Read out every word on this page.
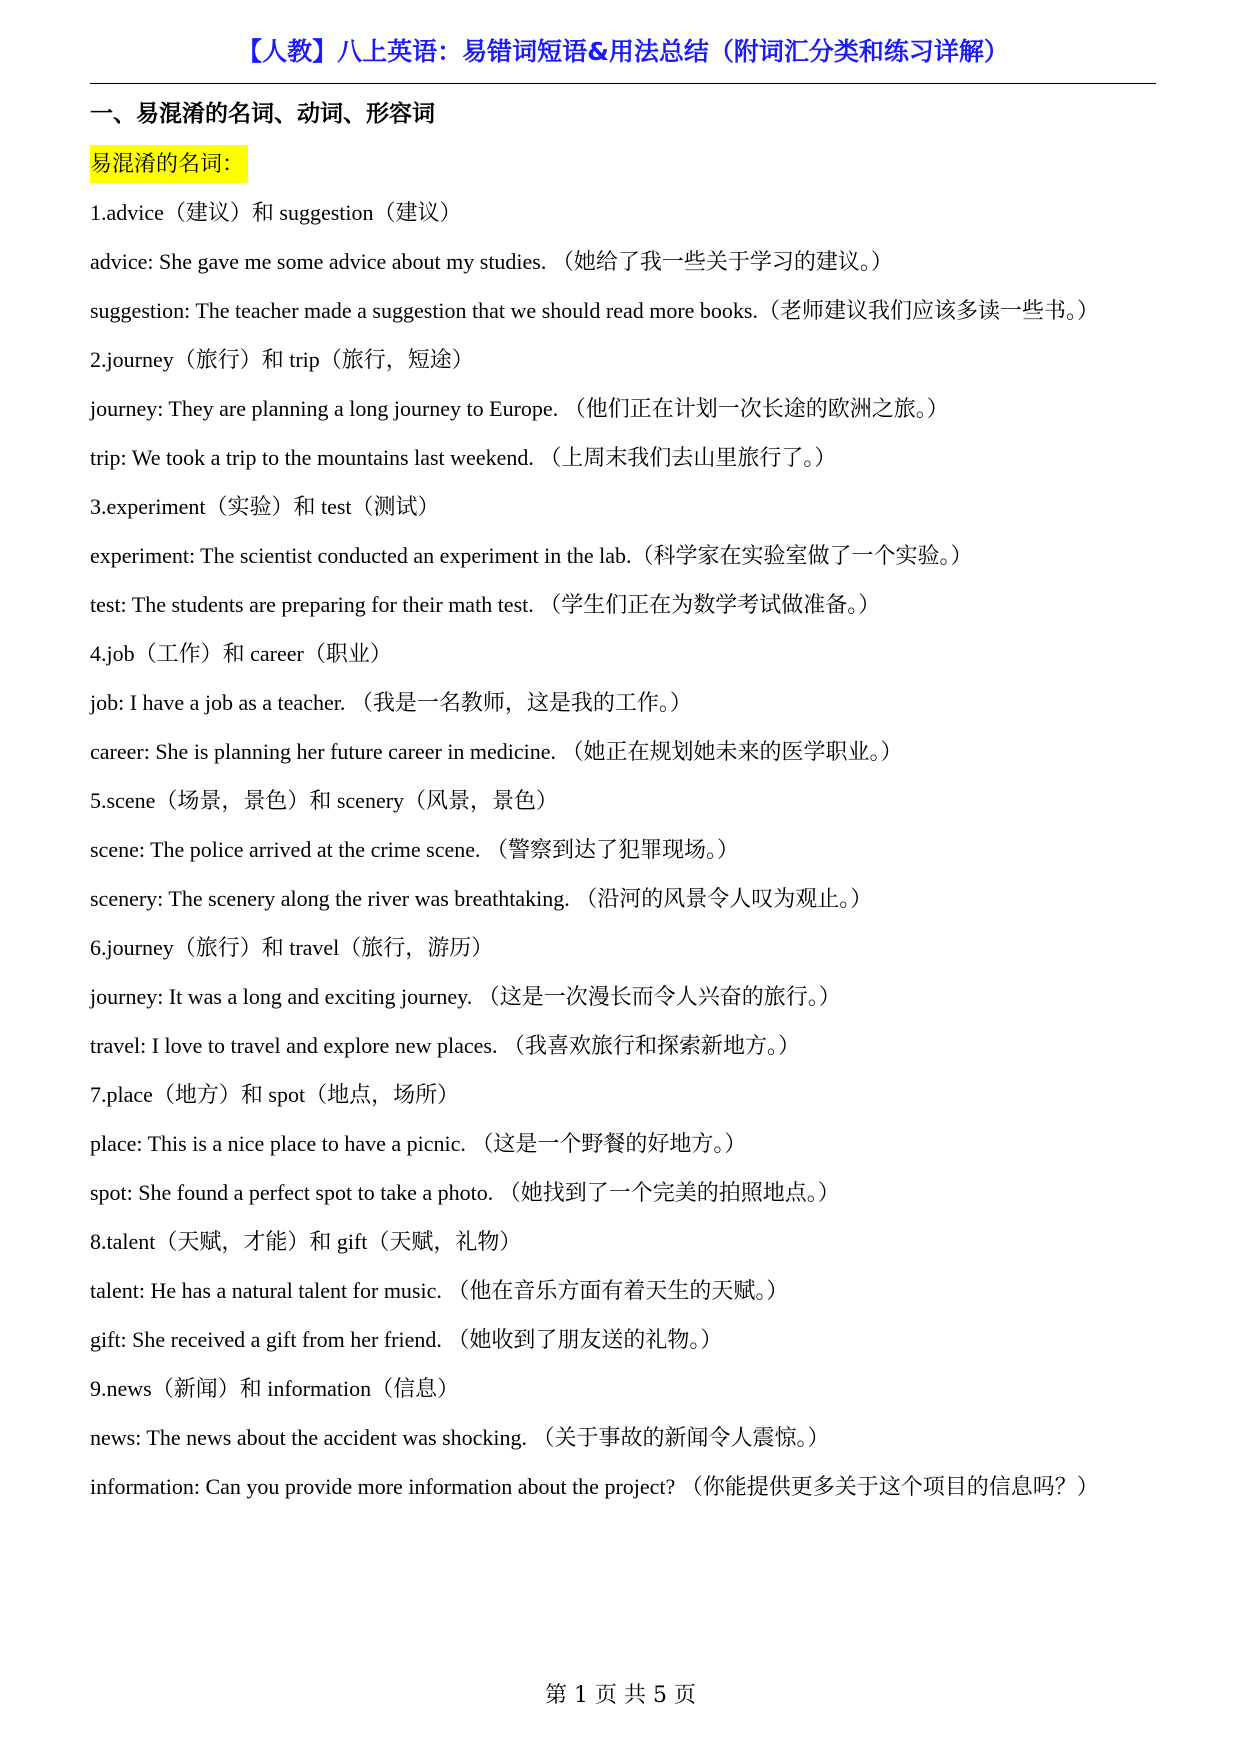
【人教】八上英语：易错词短语&用法总结（附词汇分类和练习详解）
一、易混淆的名词、动词、形容词
易混淆的名词：
1.advice（建议）和 suggestion（建议）
advice: She gave me some advice about my studies. （她给了我一些关于学习的建议。）
suggestion: The teacher made a suggestion that we should read more books.（老师建议我们应该多读一些书。）
2.journey（旅行）和 trip（旅行，短途）
journey: They are planning a long journey to Europe. （他们正在计划一次长途的欧洲之旅。）
trip: We took a trip to the mountains last weekend. （上周末我们去山里旅行了。）
3.experiment（实验）和 test（测试）
experiment: The scientist conducted an experiment in the lab.（科学家在实验室做了一个实验。）
test: The students are preparing for their math test. （学生们正在为数学考试做准备。）
4.job（工作）和 career（职业）
job: I have a job as a teacher. （我是一名教师，这是我的工作。）
career: She is planning her future career in medicine. （她正在规划她未来的医学职业。）
5.scene（场景，景色）和 scenery（风景，景色）
scene: The police arrived at the crime scene. （警察到达了犯罪现场。）
scenery: The scenery along the river was breathtaking. （沿河的风景令人叹为观止。）
6.journey（旅行）和 travel（旅行，游历）
journey: It was a long and exciting journey. （这是一次漫长而令人兴奋的旅行。）
travel: I love to travel and explore new places. （我喜欢旅行和探索新地方。）
7.place（地方）和 spot（地点，场所）
place: This is a nice place to have a picnic. （这是一个野餐的好地方。）
spot: She found a perfect spot to take a photo. （她找到了一个完美的拍照地点。）
8.talent（天赋，才能）和 gift（天赋，礼物）
talent: He has a natural talent for music. （他在音乐方面有着天生的天赋。）
gift: She received a gift from her friend. （她收到了朋友送的礼物。）
9.news（新闻）和 information（信息）
news: The news about the accident was shocking. （关于事故的新闻令人震惊。）
information: Can you provide more information about the project? （你能提供更多关于这个项目的信息吗？）
第 1 页 共 5 页
